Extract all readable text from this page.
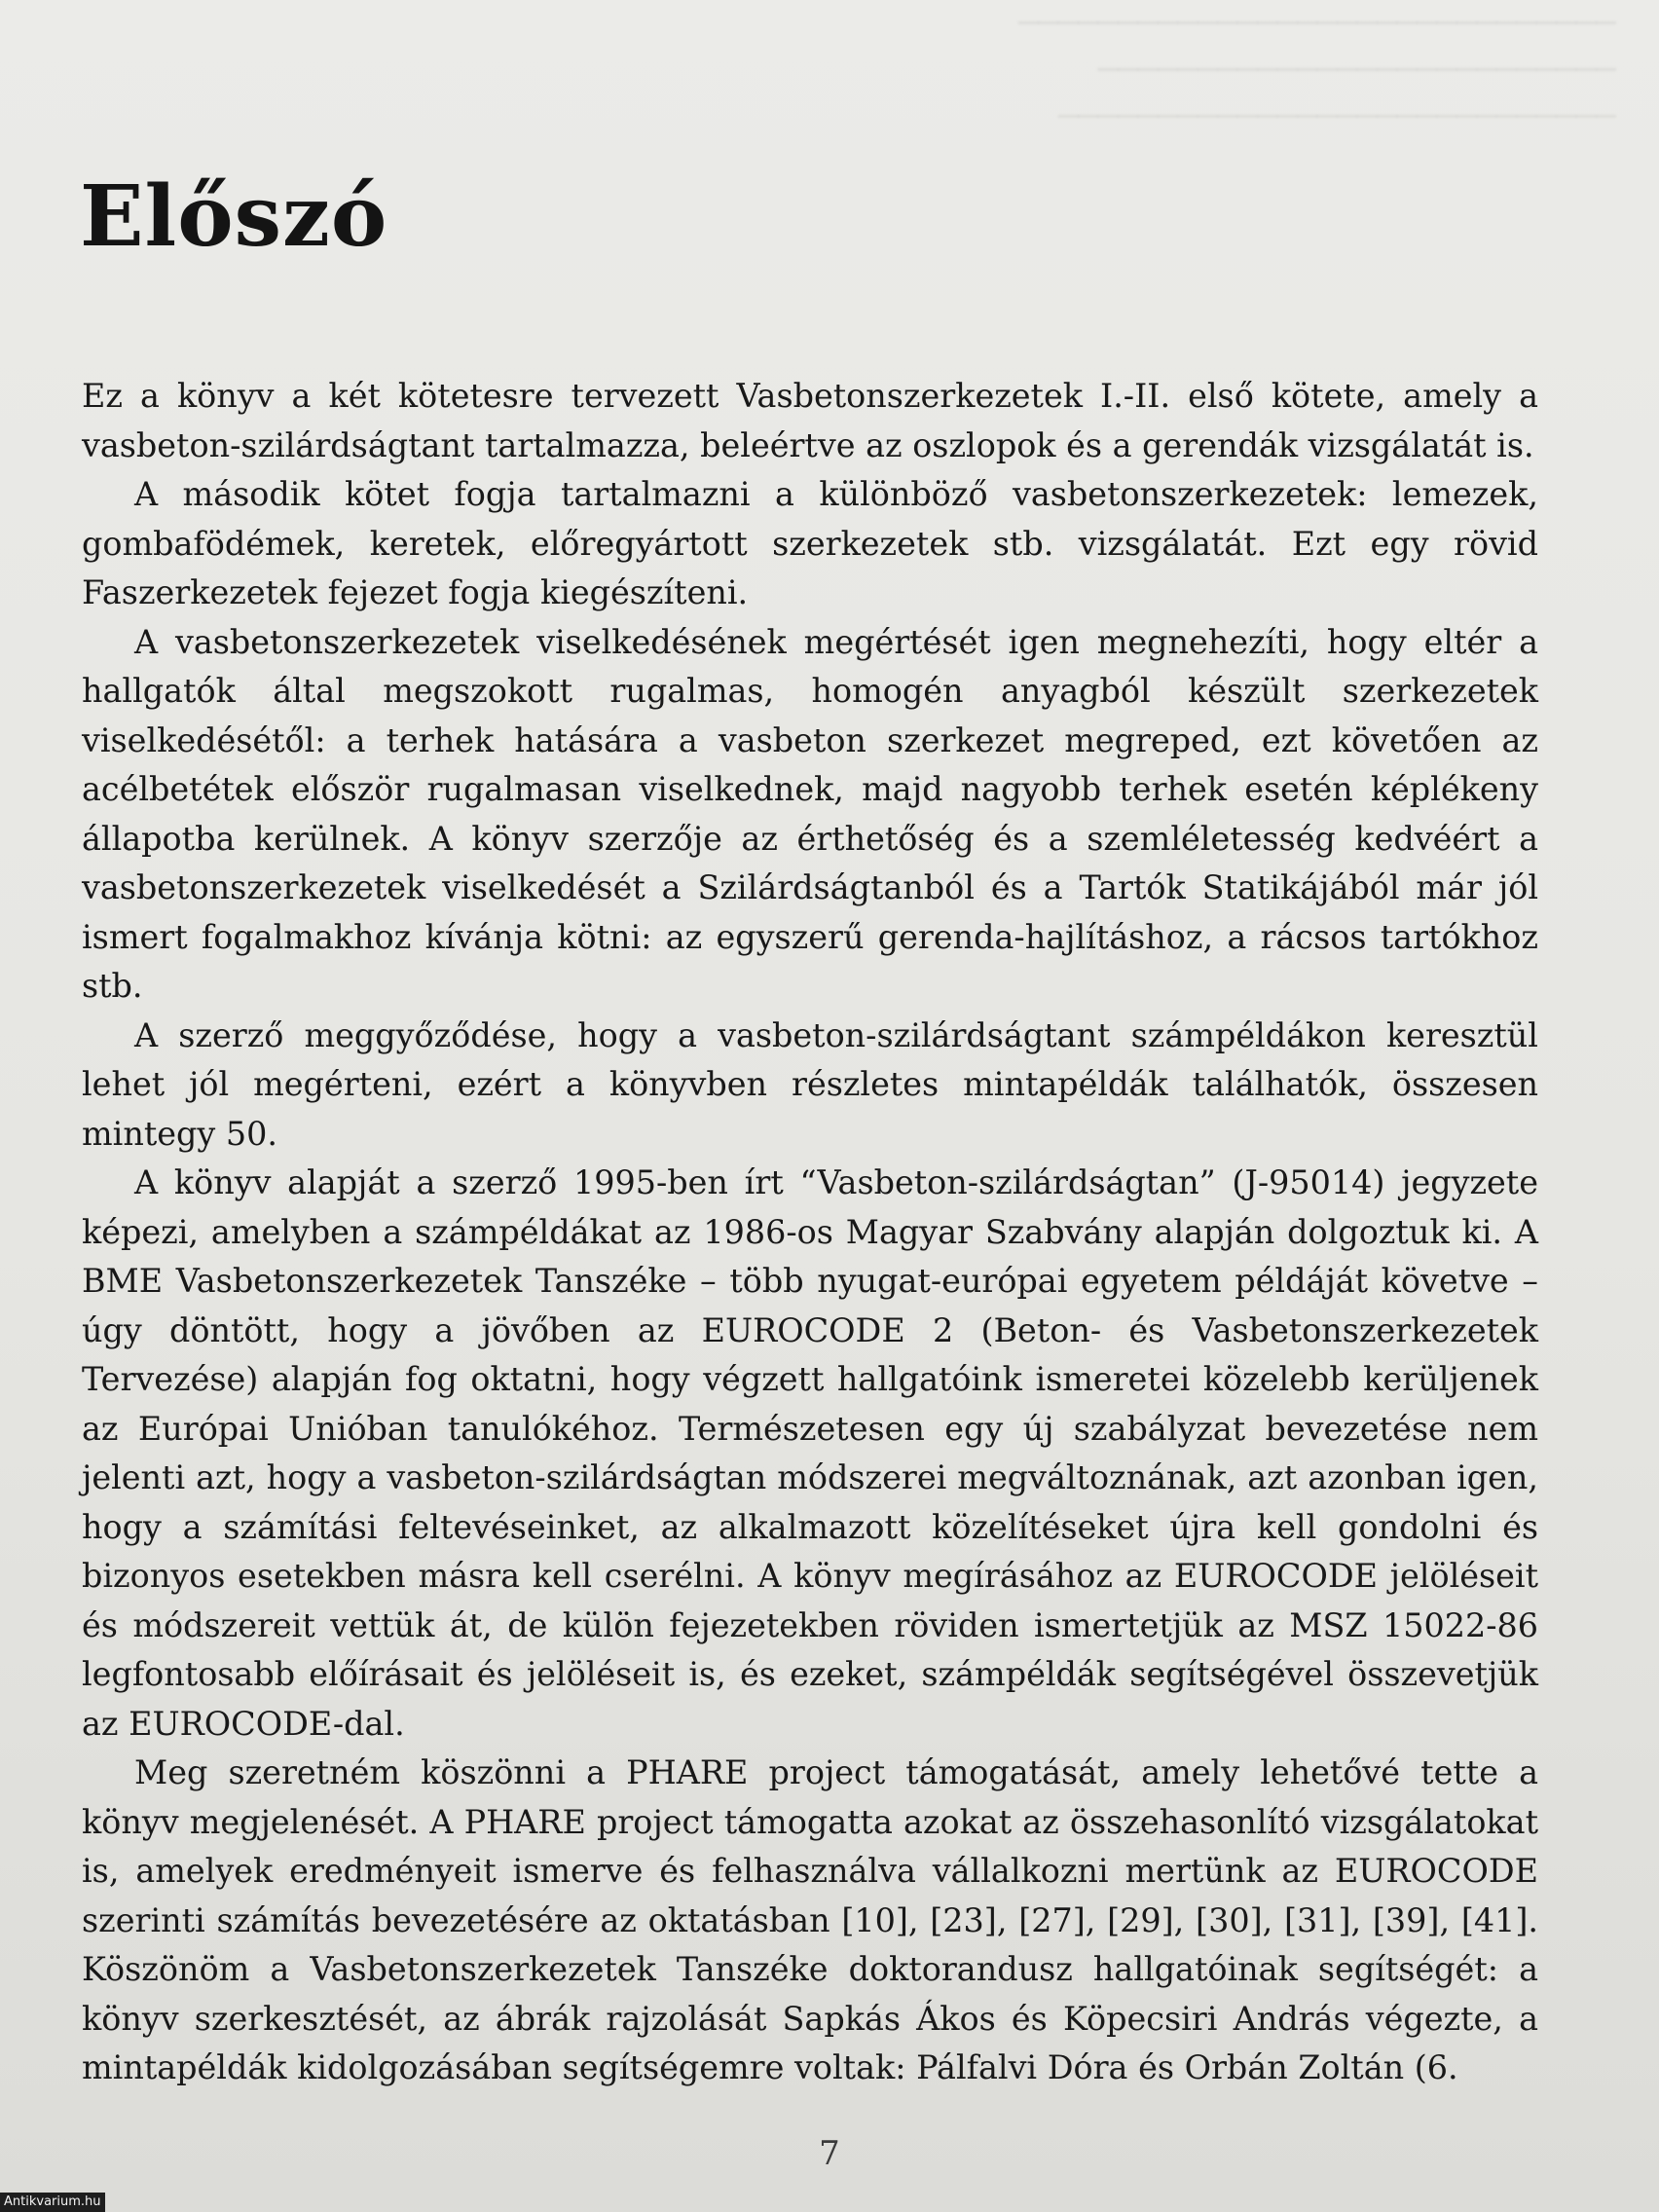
──────────────────────────────
──────────────────────────
────────────────────────────
Előszó

Ez a könyv a két kötetesre tervezett Vasbetonszerkezetek I.-II. első kötete, amely a vasbeton-szilárdságtant tartalmazza, beleértve az oszlopok és a gerendák vizsgálatát is.

A második kötet fogja tartalmazni a különböző vasbetonszerkezetek: lemezek, gombafödémek, keretek, előregyártott szerkezetek stb. vizsgálatát. Ezt egy rövid Faszerkezetek fejezet fogja kiegészíteni.

A vasbetonszerkezetek viselkedésének megértését igen megnehezíti, hogy eltér a hallgatók által megszokott rugalmas, homogén anyagból készült szerkezetek viselkedésétől: a terhek hatására a vasbeton szerkezet megreped, ezt követően az acélbetétek először rugalmasan viselkednek, majd nagyobb terhek esetén képlékeny állapotba kerülnek. A könyv szerzője az érthetőség és a szemléletesség kedvéért a vasbetonszerkezetek viselkedését a Szilárdságtanból és a Tartók Statikájából már jól ismert fogalmakhoz kívánja kötni: az egyszerű gerenda-hajlításhoz, a rácsos tartókhoz stb.

A szerző meggyőződése, hogy a vasbeton-szilárdságtant számpéldákon keresztül lehet jól megérteni, ezért a könyvben részletes mintapéldák találhatók, összesen mintegy 50.

A könyv alapját a szerző 1995-ben írt “Vasbeton-szilárdságtan” (J-95014) jegyzete képezi, amelyben a számpéldákat az 1986-os Magyar Szabvány alapján dolgoztuk ki. A BME Vasbetonszerkezetek Tanszéke – több nyugat-európai egyetem példáját követve – úgy döntött, hogy a jövőben az EUROCODE 2 (Beton- és Vasbetonszerkezetek Tervezése) alapján fog oktatni, hogy végzett hallgatóink ismeretei közelebb kerüljenek az Európai Unióban tanulókéhoz. Természetesen egy új szabályzat bevezetése nem jelenti azt, hogy a vasbeton-szilárdságtan módszerei megváltoznának, azt azonban igen, hogy a számítási feltevéseinket, az alkalmazott közelítéseket újra kell gondolni és bizonyos esetekben másra kell cserélni. A könyv megírásához az EUROCODE jelöléseit és módszereit vettük át, de külön fejezetekben röviden ismertetjük az MSZ 15022-86 legfontosabb előírásait és jelöléseit is, és ezeket, számpéldák segítségével összevetjük az EUROCODE-dal.

Meg szeretném köszönni a PHARE project támogatását, amely lehetővé tette a könyv megjelenését. A PHARE project támogatta azokat az összehasonlító vizsgálatokat is, amelyek eredményeit ismerve és felhasználva vállalkozni mertünk az EUROCODE szerinti számítás bevezetésére az oktatásban [10], [23], [27], [29], [30], [31], [39], [41]. Köszönöm a Vasbetonszerkezetek Tanszéke doktorandusz hallgatóinak segítségét: a könyv szerkesztését, az ábrák rajzolását Sapkás Ákos és Köpecsiri András végezte, a mintapéldák kidolgozásában segítségemre voltak: Pálfalvi Dóra és Orbán Zoltán (6.

7
Antikvarium.hu
